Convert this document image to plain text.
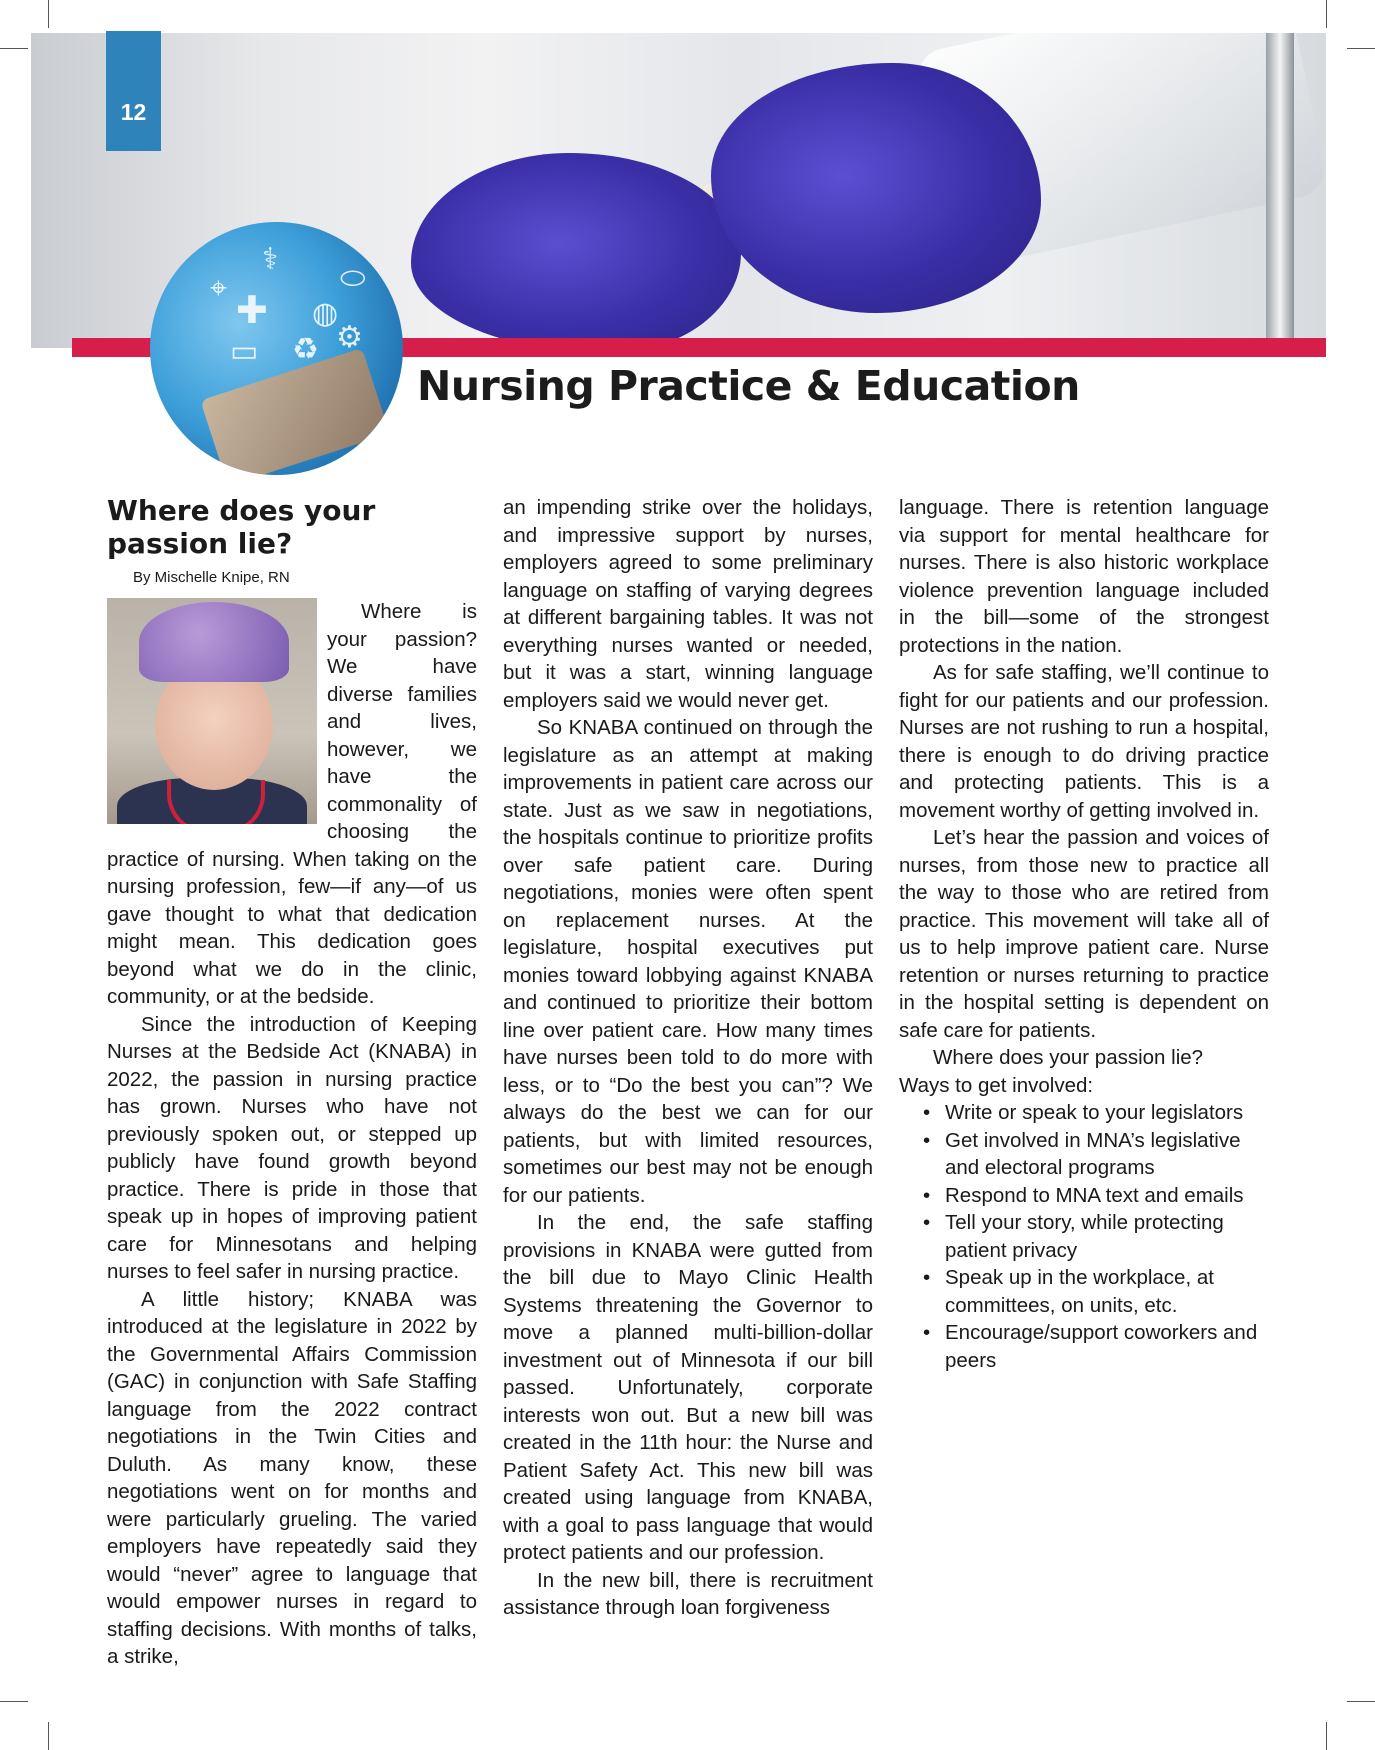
12
⚕
✚
⌖
◍
⬭
▭	⚙
♻
Nursing Practice & Education
Where does your passion lie?
By Mischelle Knipe, RN

Where is your passion? We have diverse families and lives, however, we have the commonality of choosing the practice of nursing. When taking on the nursing profession, few—if any—of us gave thought to what that dedication might mean. This dedication goes beyond what we do in the clinic, community, or at the bedside.

Since the introduction of Keeping Nurses at the Bedside Act (KNABA) in 2022, the passion in nursing practice has grown. Nurses who have not previously spoken out, or stepped up publicly have found growth beyond practice. There is pride in those that speak up in hopes of improving patient care for Minnesotans and helping nurses to feel safer in nursing practice.

A little history; KNABA was introduced at the legislature in 2022 by the Governmental Affairs Commission (GAC) in conjunction with Safe Staffing language from the 2022 contract negotiations in the Twin Cities and Duluth. As many know, these negotiations went on for months and were particularly grueling. The varied employers have repeatedly said they would “never” agree to language that would empower nurses in regard to staffing decisions. With months of talks, a strike,

an impending strike over the holidays, and impressive support by nurses, employers agreed to some preliminary language on staffing of varying degrees at different bargaining tables. It was not everything nurses wanted or needed, but it was a start, winning language employers said we would never get.

So KNABA continued on through the legislature as an attempt at making improvements in patient care across our state. Just as we saw in negotiations, the hospitals continue to prioritize profits over safe patient care. During negotiations, monies were often spent on replacement nurses. At the legislature, hospital executives put monies toward lobbying against KNABA and continued to prioritize their bottom line over patient care. How many times have nurses been told to do more with less, or to “Do the best you can”? We always do the best we can for our patients, but with limited resources, sometimes our best may not be enough for our patients.

In the end, the safe staffing provisions in KNABA were gutted from the bill due to Mayo Clinic Health Systems threatening the Governor to move a planned multi-billion-dollar investment out of Minnesota if our bill passed. Unfortunately, corporate interests won out. But a new bill was created in the 11th hour: the Nurse and Patient Safety Act. This new bill was created using language from KNABA, with a goal to pass language that would protect patients and our profession.

In the new bill, there is recruitment assistance through loan forgiveness

language. There is retention language via support for mental healthcare for nurses. There is also historic workplace violence prevention language included in the bill—some of the strongest protections in the nation.

As for safe staffing, we’ll continue to fight for our patients and our profession. Nurses are not rushing to run a hospital, there is enough to do driving practice and protecting patients. This is a movement worthy of getting involved in.

Let’s hear the passion and voices of nurses, from those new to practice all the way to those who are retired from practice. This movement will take all of us to help improve patient care. Nurse retention or nurses returning to practice in the hospital setting is dependent on safe care for patients.

Where does your passion lie?

Ways to get involved:

• Write or speak to your legislators
• Get involved in MNA’s legislative and electoral programs
• Respond to MNA text and emails
• Tell your story, while protecting patient privacy
• Speak up in the workplace, at committees, on units, etc.
• Encourage/support coworkers and peers
